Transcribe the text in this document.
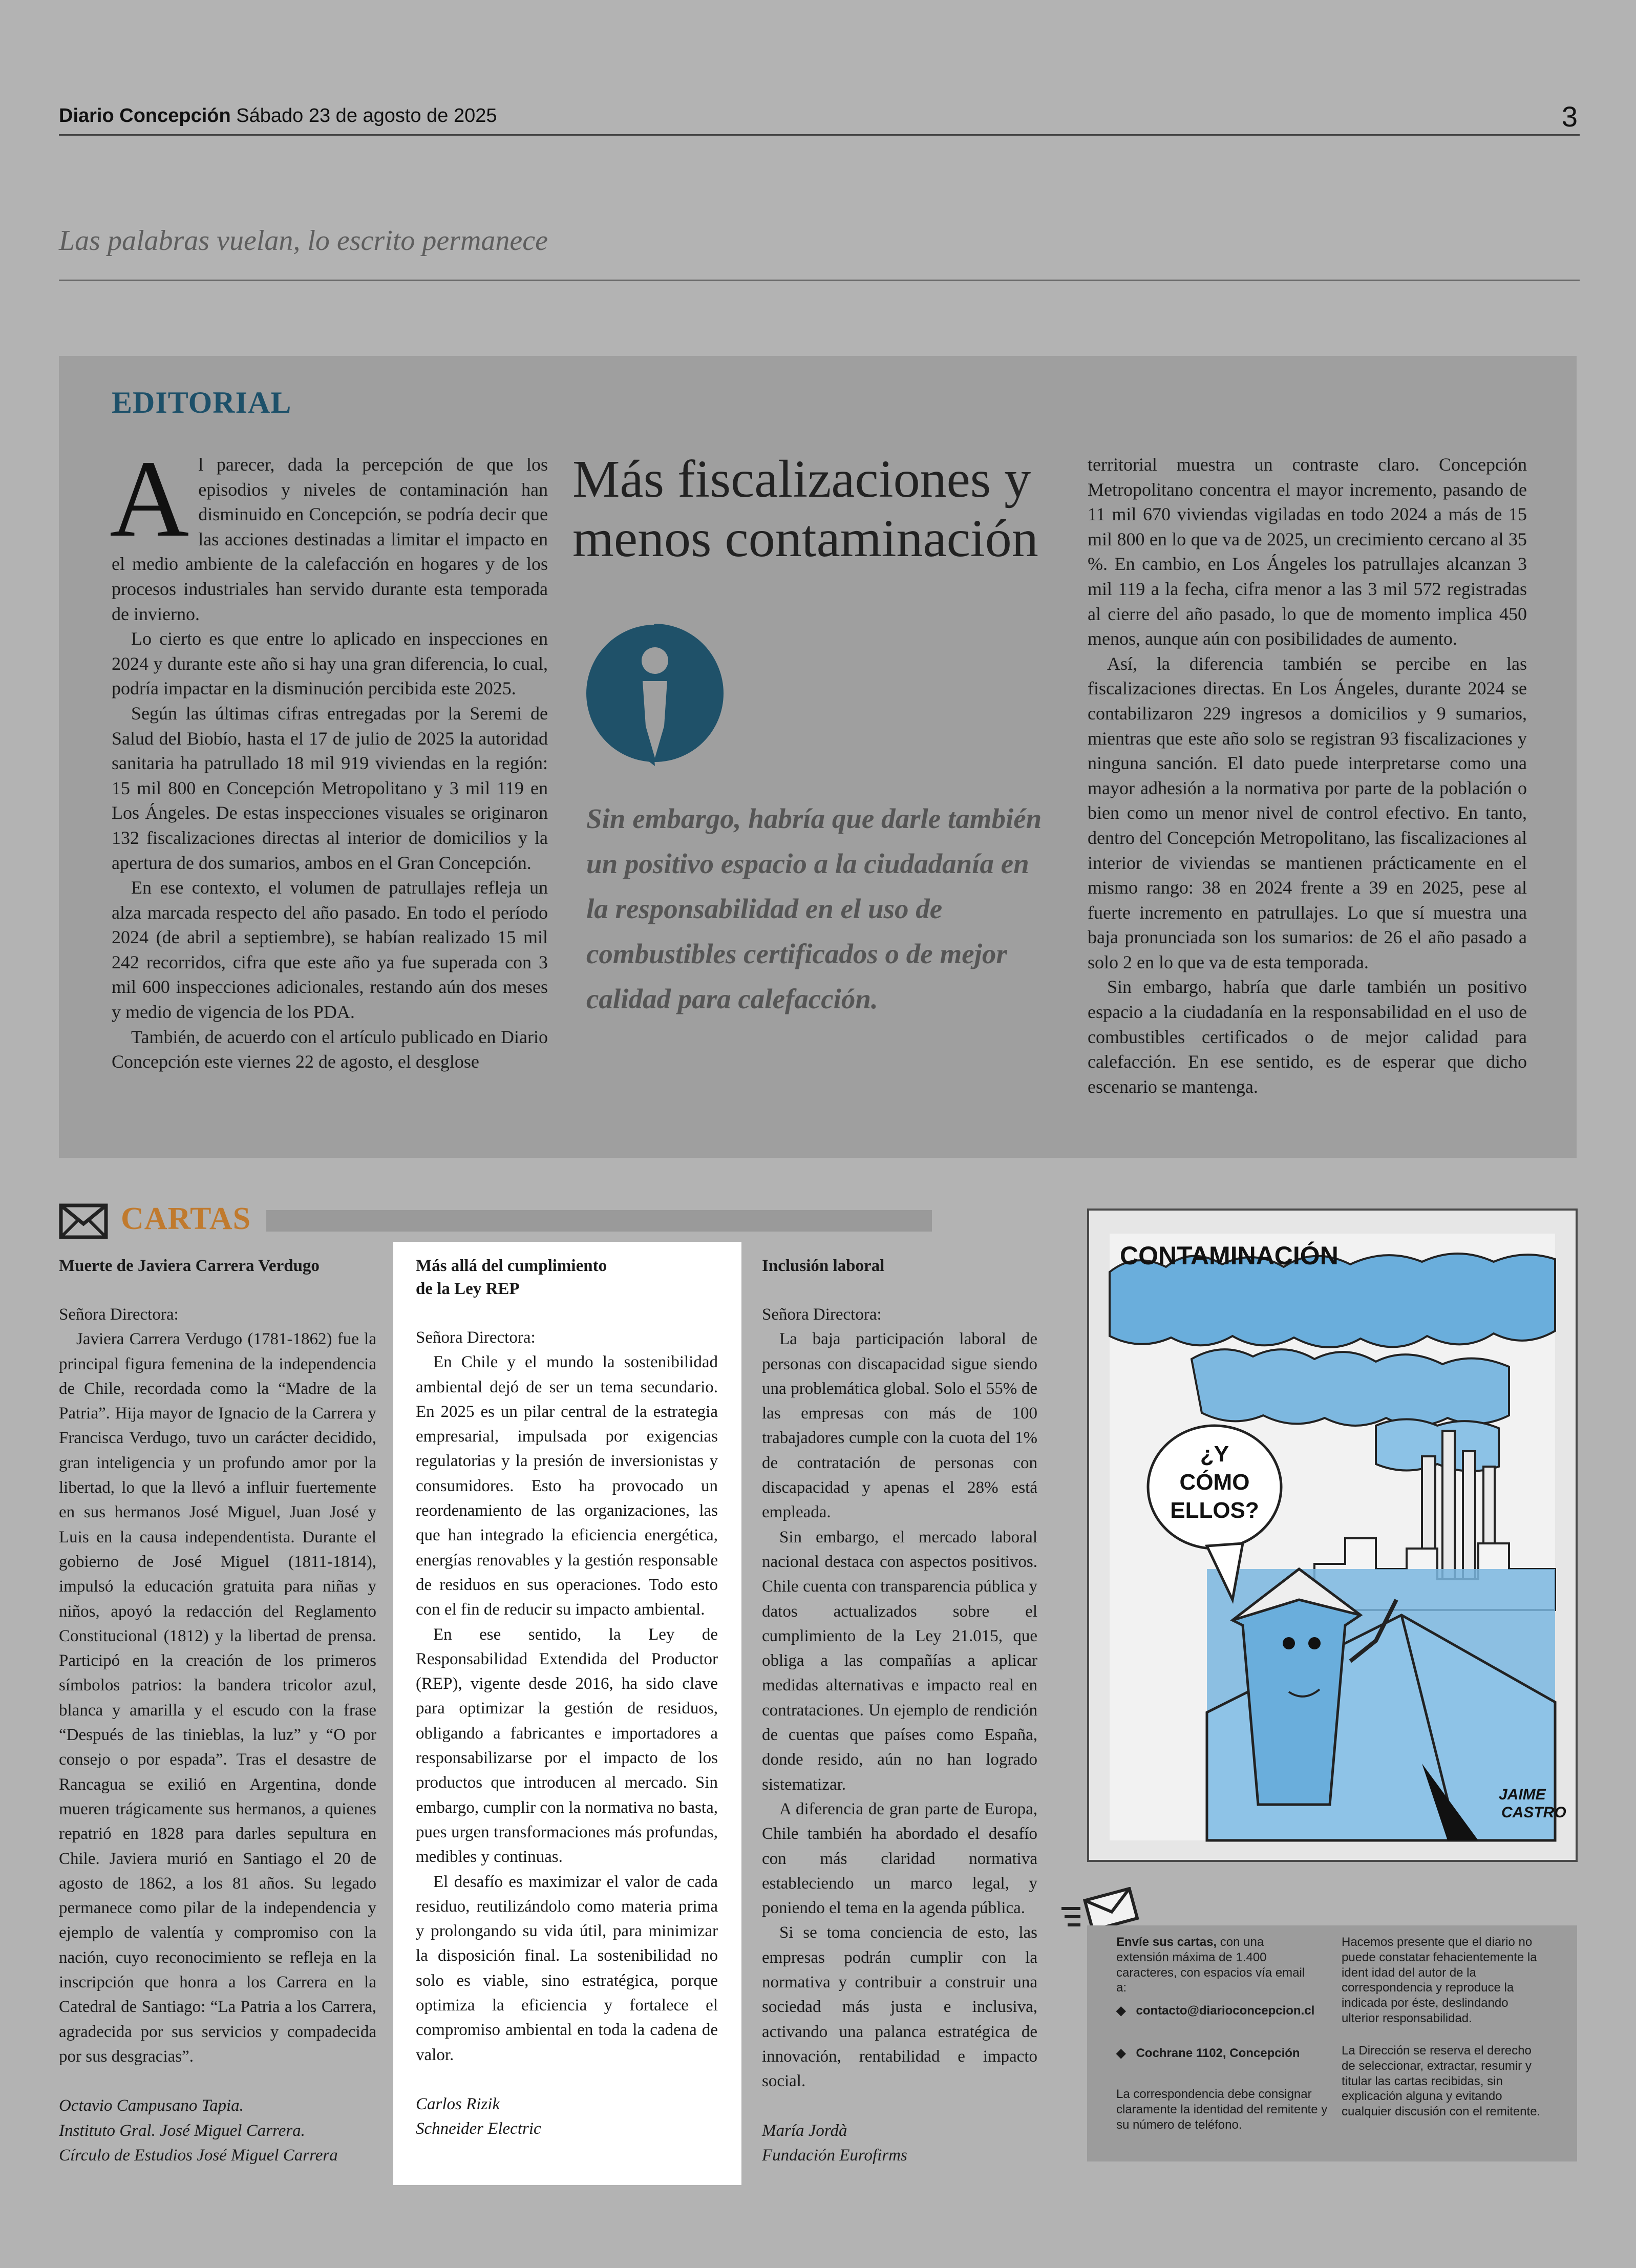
Diario Concepción Sábado 23 de agosto de 2025	3
Las palabras vuelan, lo escrito permanece
EDITORIAL

Al parecer, dada la percepción de que los episodios y niveles de contaminación han disminuido en Concepción, se podría decir que las acciones destinadas a limitar el impacto en el medio ambiente de la calefacción en hogares y de los procesos industriales han servido durante esta temporada de invierno.

Lo cierto es que entre lo aplicado en inspecciones en 2024 y durante este año si hay una gran diferencia, lo cual, podría impactar en la disminución percibida este 2025.

Según las últimas cifras entregadas por la Seremi de Salud del Biobío, hasta el 17 de julio de 2025 la autoridad sanitaria ha patrullado 18 mil 919 viviendas en la región: 15 mil 800 en Concepción Metropolitano y 3 mil 119 en Los Ángeles. De estas inspecciones visuales se originaron 132 fiscalizaciones directas al interior de domicilios y la apertura de dos sumarios, ambos en el Gran Concepción.

En ese contexto, el volumen de patrullajes refleja un alza marcada respecto del año pasado. En todo el período 2024 (de abril a septiembre), se habían realizado 15 mil 242 recorridos, cifra que este año ya fue superada con 3 mil 600 inspecciones adicionales, restando aún dos meses y medio de vigencia de los PDA.

También, de acuerdo con el artículo publicado en Diario Concepción este viernes 22 de agosto, el desglose

Más fiscalizaciones y menos contaminación
Sin embargo, habría que darle también un positivo espacio a la ciudadanía en la responsabilidad en el uso de combustibles certificados o de mejor calidad para calefacción.

territorial muestra un contraste claro. Concepción Metropolitano concentra el mayor incremento, pasando de 11 mil 670 viviendas vigiladas en todo 2024 a más de 15 mil 800 en lo que va de 2025, un crecimiento cercano al 35 %. En cambio, en Los Ángeles los patrullajes alcanzan 3 mil 119 a la fecha, cifra menor a las 3 mil 572 registradas al cierre del año pasado, lo que de momento implica 450 menos, aunque aún con posibilidades de aumento.

Así, la diferencia también se percibe en las fiscalizaciones directas. En Los Ángeles, durante 2024 se contabilizaron 229 ingresos a domicilios y 9 sumarios, mientras que este año solo se registran 93 fiscalizaciones y ninguna sanción. El dato puede interpretarse como una mayor adhesión a la normativa por parte de la población o bien como un menor nivel de control efectivo. En tanto, dentro del Concepción Metropolitano, las fiscalizaciones al interior de viviendas se mantienen prácticamente en el mismo rango: 38 en 2024 frente a 39 en 2025, pese al fuerte incremento en patrullajes. Lo que sí muestra una baja pronunciada son los sumarios: de 26 el año pasado a solo 2 en lo que va de esta temporada.

Sin embargo, habría que darle también un positivo espacio a la ciudadanía en la responsabilidad en el uso de combustibles certificados o de mejor calidad para calefacción. En ese sentido, es de esperar que dicho escenario se mantenga.

CARTAS

Muerte de Javiera Carrera Verdugo

Señora Directora:

Javiera Carrera Verdugo (1781-1862) fue la principal figura femenina de la independencia de Chile, recordada como la “Madre de la Patria”. Hija mayor de Ignacio de la Carrera y Francisca Verdugo, tuvo un carácter decidido, gran inteligencia y un profundo amor por la libertad, lo que la llevó a influir fuertemente en sus hermanos José Miguel, Juan José y Luis en la causa independentista. Durante el gobierno de José Miguel (1811-1814), impulsó la educación gratuita para niñas y niños, apoyó la redacción del Reglamento Constitucional (1812) y la libertad de prensa. Participó en la creación de los primeros símbolos patrios: la bandera tricolor azul, blanca y amarilla y el escudo con la frase “Después de las tinieblas, la luz” y “O por consejo o por espada”. Tras el desastre de Rancagua se exilió en Argentina, donde mueren trágicamente sus hermanos, a quienes repatrió en 1828 para darles sepultura en Chile. Javiera murió en Santiago el 20 de agosto de 1862, a los 81 años. Su legado permanece como pilar de la independencia y ejemplo de valentía y compromiso con la nación, cuyo reconocimiento se refleja en la inscripción que honra a los Carrera en la Catedral de Santiago: “La Patria a los Carrera, agradecida por sus servicios y compadecida por sus desgracias”.

Octavio Campusano Tapia.

Instituto Gral. José Miguel Carrera.

Círculo de Estudios José Miguel Carrera

Más allá del cumplimiento
de la Ley REP

Señora Directora:

En Chile y el mundo la sostenibilidad ambiental dejó de ser un tema secundario. En 2025 es un pilar central de la estrategia empresarial, impulsada por exigencias regulatorias y la presión de inversionistas y consumidores. Esto ha provocado un reordenamiento de las organizaciones, las que han integrado la eficiencia energética, energías renovables y la gestión responsable de residuos en sus operaciones. Todo esto con el fin de reducir su impacto ambiental.

En ese sentido, la Ley de Responsabilidad Extendida del Productor (REP), vigente desde 2016, ha sido clave para optimizar la gestión de residuos, obligando a fabricantes e importadores a responsabilizarse por el impacto de los productos que introducen al mercado. Sin embargo, cumplir con la normativa no basta, pues urgen transformaciones más profundas, medibles y continuas.

El desafío es maximizar el valor de cada residuo, reutilizándolo como materia prima y prolongando su vida útil, para minimizar la disposición final. La sostenibilidad no solo es viable, sino estratégica, porque optimiza la eficiencia y fortalece el compromiso ambiental en toda la cadena de valor.

Carlos Rizik

Schneider Electric

Inclusión laboral

Señora Directora:

La baja participación laboral de personas con discapacidad sigue siendo una problemática global. Solo el 55% de las empresas con más de 100 trabajadores cumple con la cuota del 1% de contratación de personas con discapacidad y apenas el 28% está empleada.

Sin embargo, el mercado laboral nacional destaca con aspectos positivos. Chile cuenta con transparencia pública y datos actualizados sobre el cumplimiento de la Ley 21.015, que obliga a las compañías a aplicar medidas alternativas e impacto real en contrataciones. Un ejemplo de rendición de cuentas que países como España, donde resido, aún no han logrado sistematizar.

A diferencia de gran parte de Europa, Chile también ha abordado el desafío con más claridad normativa estableciendo un marco legal, y poniendo el tema en la agenda pública.

Si se toma conciencia de esto, las empresas podrán cumplir con la normativa y contribuir a construir una sociedad más justa e inclusiva, activando una palanca estratégica de innovación, rentabilidad e impacto social.

María Jordà

Fundación Eurofirms

CONTAMINACIÓN
¿Y
CÓMO
ELLOS?
JAIME
CASTRO
Envíe sus cartas, con una extensión máxima de 1.400 caracteres, con espacios vía email a:
◆   contacto@diarioconcepcion.cl
◆   Cochrane 1102, Concepción
La correspondencia debe consignar claramente la identidad del remitente y su número de teléfono.
Hacemos presente que el diario no puede constatar fehacientemente la ident idad del autor de la correspondencia y reproduce la indicada por éste, deslindando ulterior responsabilidad.
La Dirección se reserva el derecho de seleccionar, extractar, resumir y titular las cartas recibidas, sin explicación alguna y evitando cualquier discusión con el remitente.
